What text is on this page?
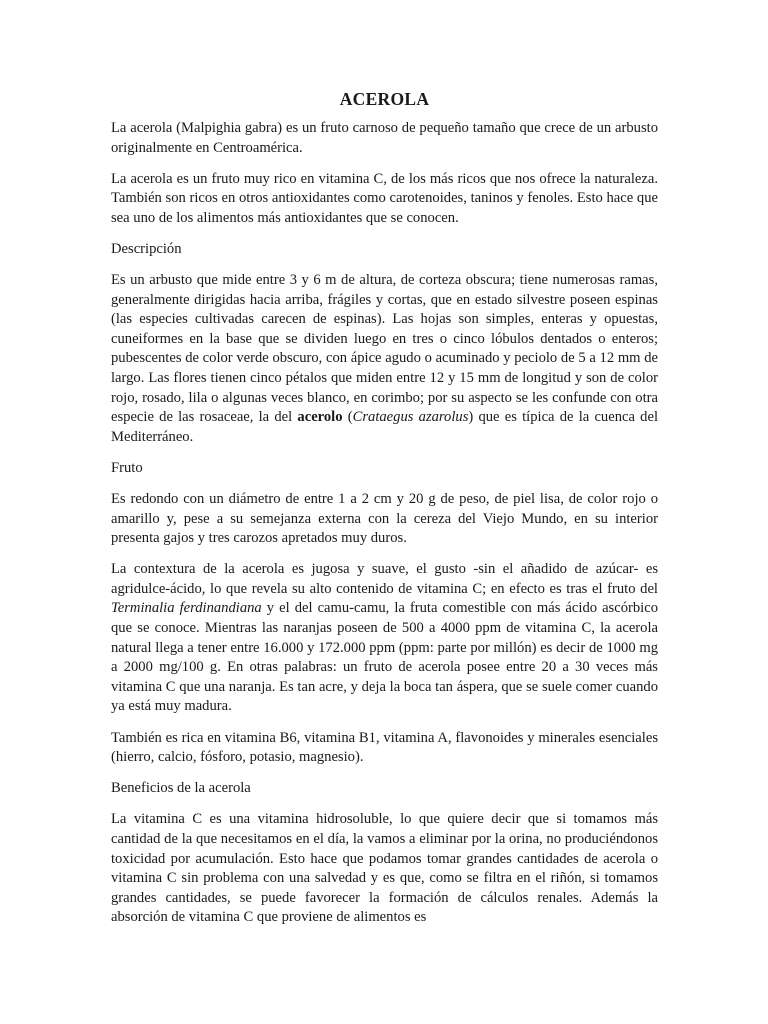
ACEROLA

La acerola (Malpighia gabra) es un fruto carnoso de pequeño tamaño que crece de un arbusto originalmente en Centroamérica.

La acerola es un fruto muy rico en vitamina C, de los más ricos que nos ofrece la naturaleza. También son ricos en otros antioxidantes como carotenoides, taninos y fenoles. Esto hace que sea uno de los alimentos más antioxidantes que se conocen.

Descripción

Es un arbusto que mide entre 3 y 6 m de altura, de corteza obscura; tiene numerosas ramas, generalmente dirigidas hacia arriba, frágiles y cortas, que en estado silvestre poseen espinas (las especies cultivadas carecen de espinas). Las hojas son simples, enteras y opuestas, cuneiformes en la base que se dividen luego en tres o cinco lóbulos dentados o enteros; pubescentes de color verde obscuro, con ápice agudo o acuminado y peciolo de 5 a 12 mm de largo. Las flores tienen cinco pétalos que miden entre 12 y 15 mm de longitud y son de color rojo, rosado, lila o algunas veces blanco, en corimbo; por su aspecto se les confunde con otra especie de las rosaceae, la del acerolo (Crataegus azarolus) que es típica de la cuenca del Mediterráneo.

Fruto

Es redondo con un diámetro de entre 1 a 2 cm y 20 g de peso, de piel lisa, de color rojo o amarillo y, pese a su semejanza externa con la cereza del Viejo Mundo, en su interior presenta gajos y tres carozos apretados muy duros.

La contextura de la acerola es jugosa y suave, el gusto -sin el añadido de azúcar- es agridulce-ácido, lo que revela su alto contenido de vitamina C; en efecto es tras el fruto del Terminalia ferdinandiana y el del camu-camu, la fruta comestible con más ácido ascórbico que se conoce. Mientras las naranjas poseen de 500 a 4000 ppm de vitamina C, la acerola natural llega a tener entre 16.000 y 172.000 ppm (ppm: parte por millón) es decir de 1000 mg a 2000 mg/100 g. En otras palabras: un fruto de acerola posee entre 20 a 30 veces más vitamina C que una naranja. Es tan acre, y deja la boca tan áspera, que se suele comer cuando ya está muy madura.

También es rica en vitamina B6, vitamina B1, vitamina A, flavonoides y minerales esenciales (hierro, calcio, fósforo, potasio, magnesio).

Beneficios de la acerola

La vitamina C es una vitamina hidrosoluble, lo que quiere decir que si tomamos más cantidad de la que necesitamos en el día, la vamos a eliminar por la orina, no produciéndonos toxicidad por acumulación. Esto hace que podamos tomar grandes cantidades de acerola o vitamina C sin problema con una salvedad y es que, como se filtra en el riñón, si tomamos grandes cantidades, se puede favorecer la formación de cálculos renales. Además la absorción de vitamina C que proviene de alimentos es
